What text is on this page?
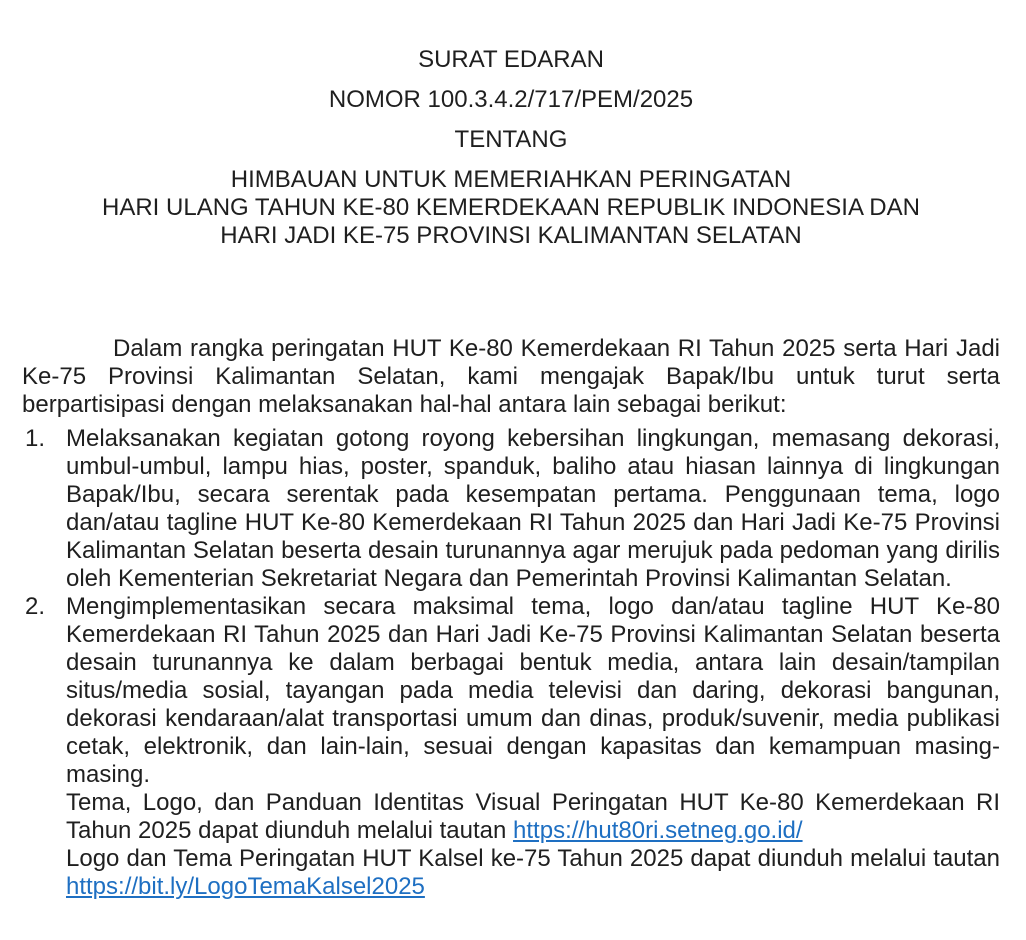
SURAT EDARAN
NOMOR 100.3.4.2/717/PEM/2025
TENTANG
HIMBAUAN UNTUK MEMERIAHKAN PERINGATAN
HARI ULANG TAHUN KE-80 KEMERDEKAAN REPUBLIK INDONESIA DAN
HARI JADI KE-75 PROVINSI KALIMANTAN SELATAN

Dalam rangka peringatan HUT Ke-80 Kemerdekaan RI Tahun 2025 serta Hari Jadi Ke-75 Provinsi Kalimantan Selatan, kami mengajak Bapak/Ibu untuk turut serta berpartisipasi dengan melaksanakan hal-hal antara lain sebagai berikut:

1. Melaksanakan kegiatan gotong royong kebersihan lingkungan, memasang dekorasi, umbul-umbul, lampu hias, poster, spanduk, baliho atau hiasan lainnya di lingkungan Bapak/Ibu, secara serentak pada kesempatan pertama. Penggunaan tema, logo dan/atau tagline HUT Ke-80 Kemerdekaan RI Tahun 2025 dan Hari Jadi Ke-75 Provinsi Kalimantan Selatan beserta desain turunannya agar merujuk pada pedoman yang dirilis oleh Kementerian Sekretariat Negara dan Pemerintah Provinsi Kalimantan Selatan.

2. Mengimplementasikan secara maksimal tema, logo dan/atau tagline HUT Ke-80 Kemerdekaan RI Tahun 2025 dan Hari Jadi Ke-75 Provinsi Kalimantan Selatan beserta desain turunannya ke dalam berbagai bentuk media, antara lain desain/tampilan situs/media sosial, tayangan pada media televisi dan daring, dekorasi bangunan, dekorasi kendaraan/alat transportasi umum dan dinas, produk/suvenir, media publikasi cetak, elektronik, dan lain-lain, sesuai dengan kapasitas dan kemampuan masing-masing.

Tema, Logo, dan Panduan Identitas Visual Peringatan HUT Ke-80 Kemerdekaan RI Tahun 2025 dapat diunduh melalui tautan https://hut80ri.setneg.go.id/

Logo dan Tema Peringatan HUT Kalsel ke-75 Tahun 2025 dapat diunduh melalui tautan https://bit.ly/LogoTemaKalsel2025
